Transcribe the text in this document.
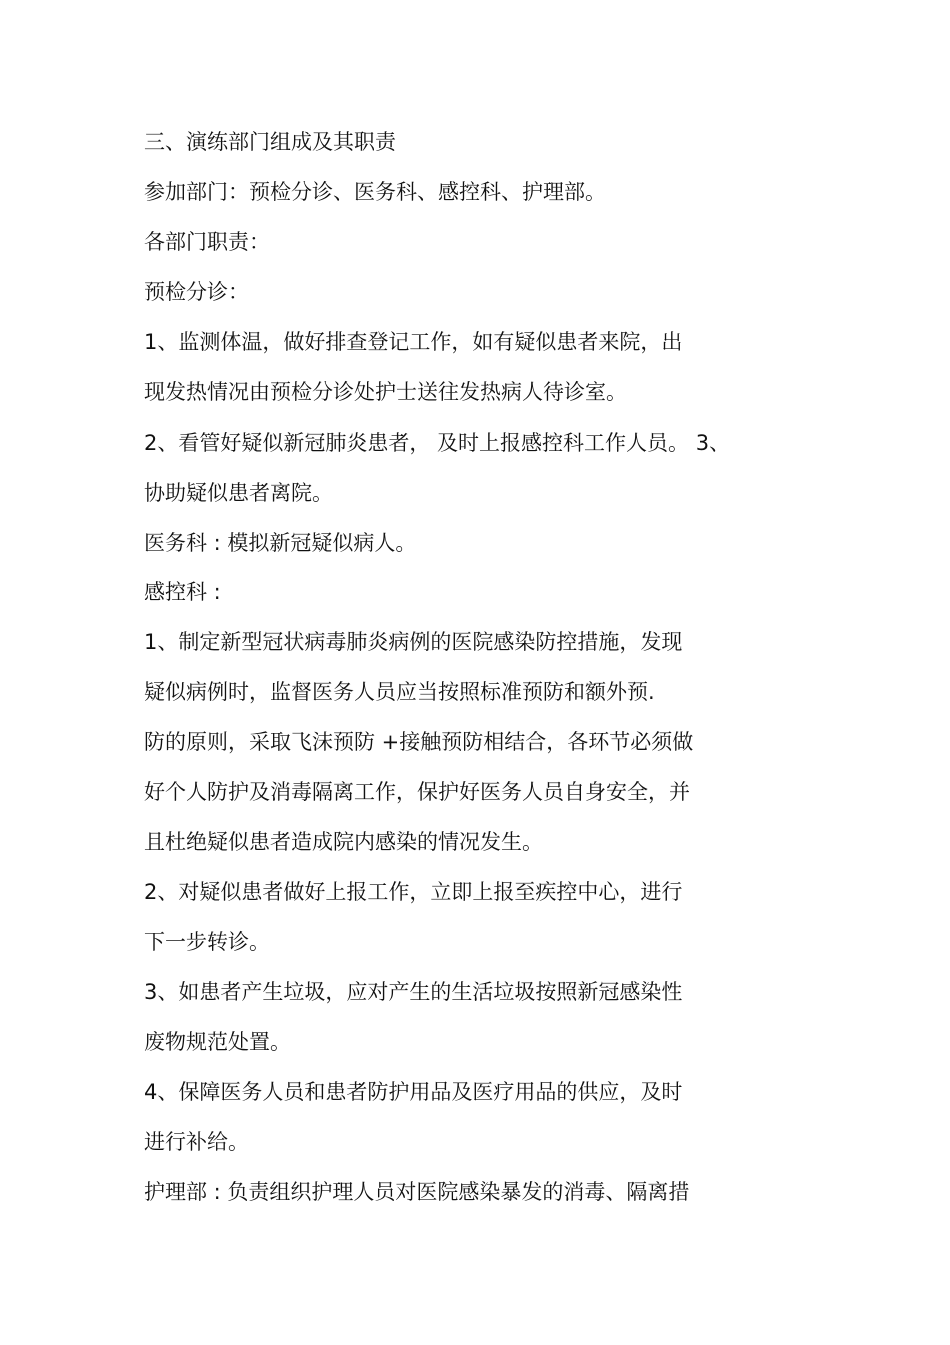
三、演练部门组成及其职责
参加部门：预检分诊、医务科、感控科、护理部。
各部门职责：
预检分诊：
1、监测体温，做好排查登记工作，如有疑似患者来院，出
现发热情况由预检分诊处护士送往发热病人待诊室。
2、看管好疑似新冠肺炎患者， 及时上报感控科工作人员。 3、
协助疑似患者离院。
医务科 : 模拟新冠疑似病人。
感控科 :
1、制定新型冠状病毒肺炎病例的医院感染防控措施，发现
疑似病例时，监督医务人员应当按照标准预防和额外预.
防的原则，采取飞沫预防 +接触预防相结合，各环节必须做
好个人防护及消毒隔离工作，保护好医务人员自身安全，并
且杜绝疑似患者造成院内感染的情况发生。
2、对疑似患者做好上报工作，立即上报至疾控中心，进行
下一步转诊。
3、如患者产生垃圾，应对产生的生活垃圾按照新冠感染性
废物规范处置。
4、保障医务人员和患者防护用品及医疗用品的供应，及时
进行补给。
护理部 : 负责组织护理人员对医院感染暴发的消毒、隔离措
